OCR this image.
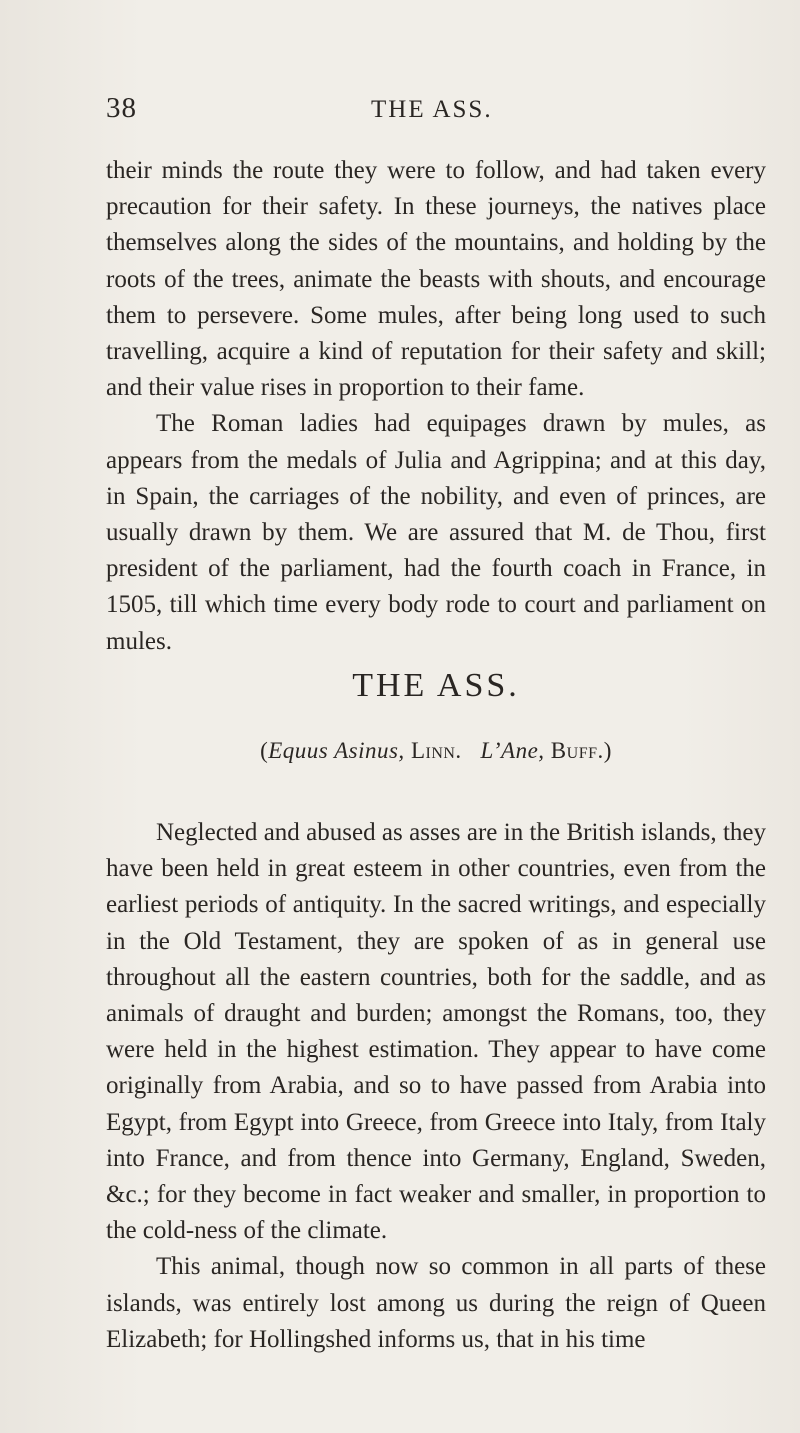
38	THE ASS.

their minds the route they were to follow, and had taken every precaution for their safety. In these journeys, the natives place themselves along the sides of the mountains, and holding by the roots of the trees, animate the beasts with shouts, and encourage them to persevere. Some mules, after being long used to such travelling, acquire a kind of reputation for their safety and skill; and their value rises in proportion to their fame.

The Roman ladies had equipages drawn by mules, as appears from the medals of Julia and Agrippina; and at this day, in Spain, the carriages of the nobility, and even of princes, are usually drawn by them. We are assured that M. de Thou, first president of the parliament, had the fourth coach in France, in 1505, till which time every body rode to court and parliament on mules.

THE ASS.
(Equus Asinus, Linn. L’Ane, Buff.)

Neglected and abused as asses are in the British islands, they have been held in great esteem in other countries, even from the earliest periods of antiquity. In the sacred writings, and especially in the Old Testament, they are spoken of as in general use throughout all the eastern countries, both for the saddle, and as animals of draught and burden; amongst the Romans, too, they were held in the highest estimation. They appear to have come originally from Arabia, and so to have passed from Arabia into Egypt, from Egypt into Greece, from Greece into Italy, from Italy into France, and from thence into Germany, England, Sweden, &c.; for they become in fact weaker and smaller, in proportion to the cold-ness of the climate.

This animal, though now so common in all parts of these islands, was entirely lost among us during the reign of Queen Elizabeth; for Hollingshed informs us, that in his time
